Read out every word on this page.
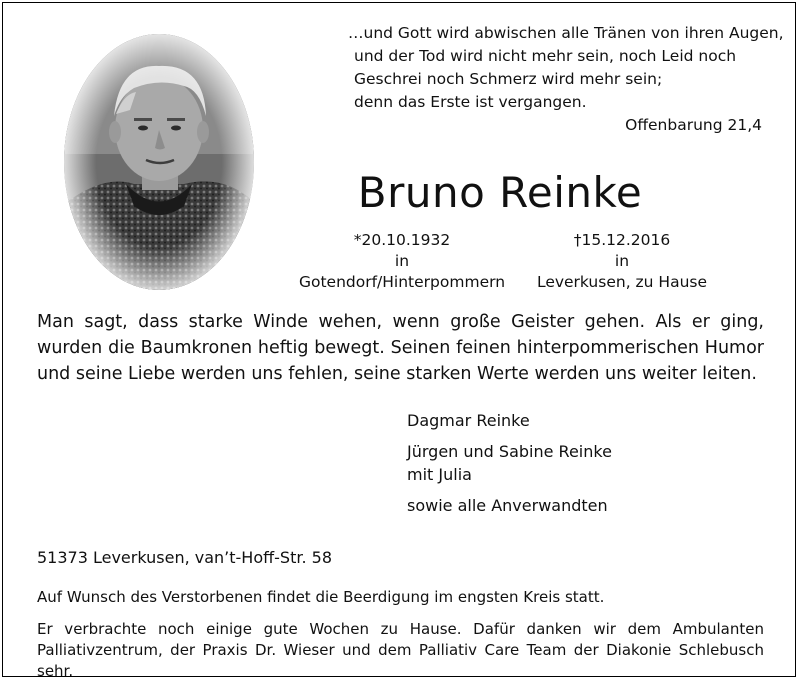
…und Gott wird abwischen alle Tränen von ihren Augen,
und der Tod wird nicht mehr sein, noch Leid noch
Geschrei noch Schmerz wird mehr sein;
denn das Erste ist vergangen.
Offenbarung 21,4
Bruno Reinke
*20.10.1932
in
Gotendorf/Hinterpommern
†15.12.2016
in
Leverkusen, zu Hause
Man sagt, dass starke Winde wehen, wenn große Geister gehen. Als er ging, wurden die Baumkronen heftig bewegt. Seinen feinen hinterpommerischen Humor und seine Liebe werden uns fehlen, seine starken Werte werden uns weiter leiten.
Dagmar Reinke
Jürgen und Sabine Reinke
mit Julia
sowie alle Anverwandten
51373 Leverkusen, van’t-Hoff-Str. 58
Auf Wunsch des Verstorbenen findet die Beerdigung im engsten Kreis statt.
Er verbrachte noch einige gute Wochen zu Hause. Dafür danken wir dem Ambulanten Palliativzentrum, der Praxis Dr. Wieser und dem Palliativ Care Team der Diakonie Schlebusch sehr.
